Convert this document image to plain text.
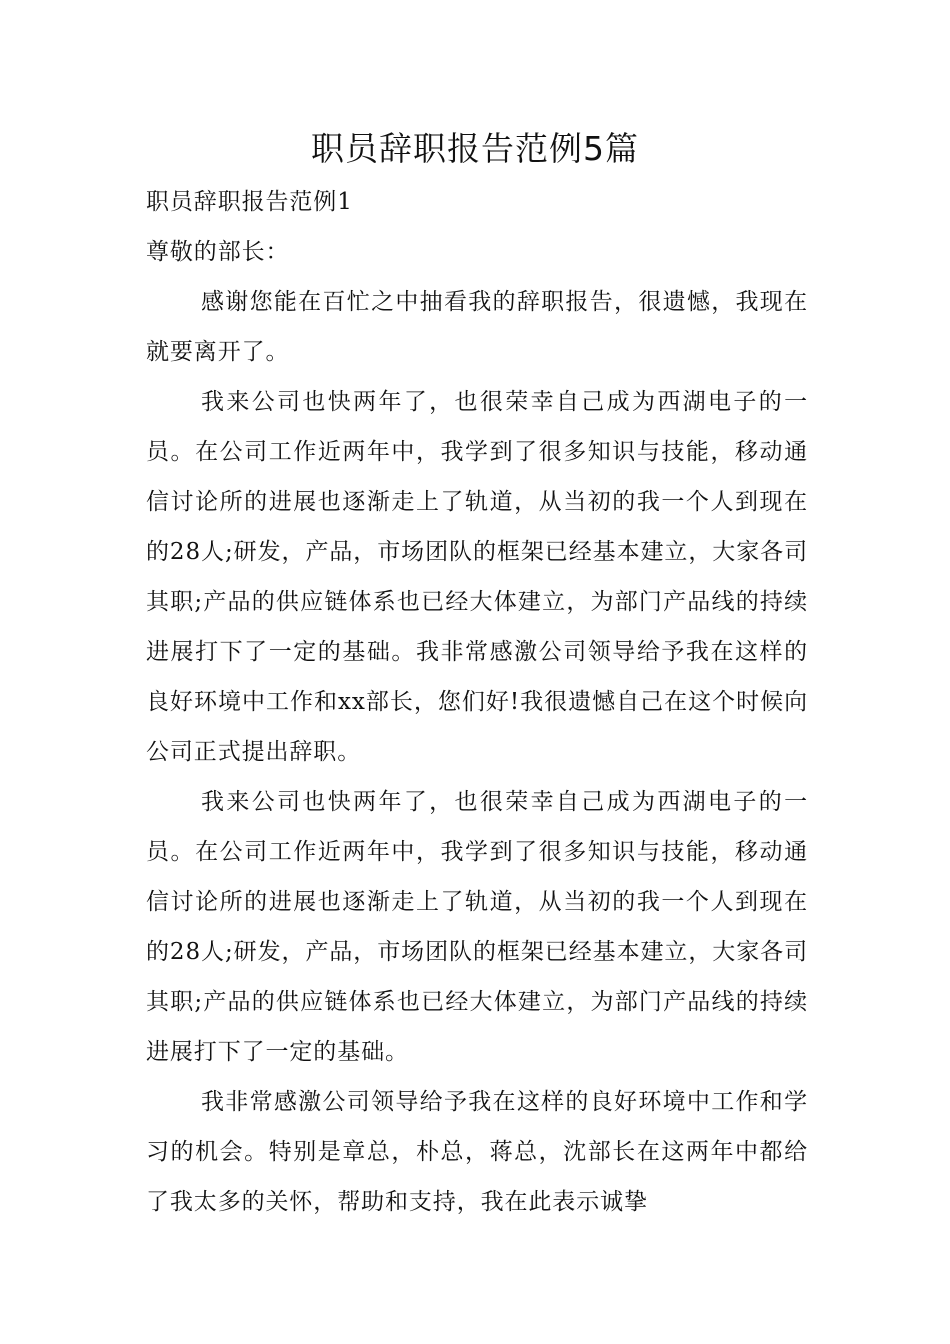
职员辞职报告范例5篇

职员辞职报告范例1

尊敬的部长：

感谢您能在百忙之中抽看我的辞职报告，很遗憾，我现在就要离开了。

我来公司也快两年了，也很荣幸自己成为西湖电子的一员。在公司工作近两年中，我学到了很多知识与技能，移动通信讨论所的进展也逐渐走上了轨道，从当初的我一个人到现在的28人;研发，产品，市场团队的框架已经基本建立，大家各司其职;产品的供应链体系也已经大体建立，为部门产品线的持续进展打下了一定的基础。我非常感激公司领导给予我在这样的良好环境中工作和xx部长，您们好!我很遗憾自己在这个时候向公司正式提出辞职。

我来公司也快两年了，也很荣幸自己成为西湖电子的一员。在公司工作近两年中，我学到了很多知识与技能，移动通信讨论所的进展也逐渐走上了轨道，从当初的我一个人到现在的28人;研发，产品，市场团队的框架已经基本建立，大家各司其职;产品的供应链体系也已经大体建立，为部门产品线的持续进展打下了一定的基础。

我非常感激公司领导给予我在这样的良好环境中工作和学习的机会。特别是章总，朴总，蒋总，沈部长在这两年中都给了我太多的关怀，帮助和支持，我在此表示诚挚
